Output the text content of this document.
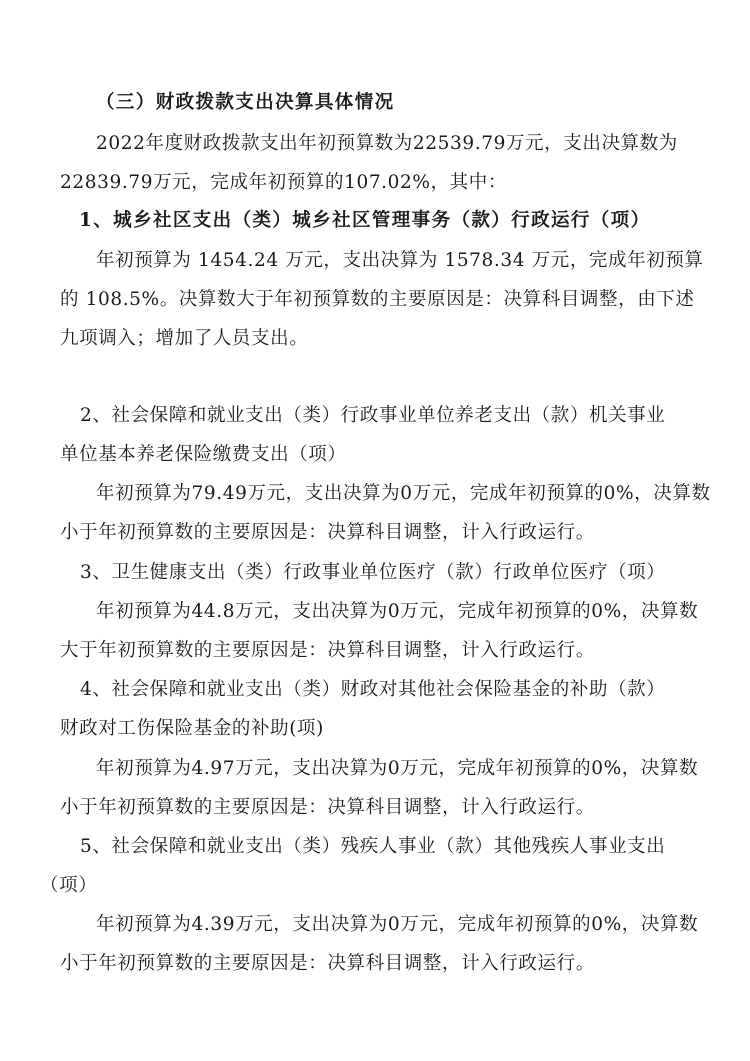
（三）财政拨款支出决算具体情况
2022年度财政拨款支出年初预算数为22539.79万元，支出决算数为
22839.79万元，完成年初预算的107.02%，其中：
1、城乡社区支出（类）城乡社区管理事务（款）行政运行（项）
年初预算为 1454.24 万元，支出决算为 1578.34 万元，完成年初预算
的 108.5%。决算数大于年初预算数的主要原因是：决算科目调整，由下述
九项调入；增加了人员支出。
2、社会保障和就业支出（类）行政事业单位养老支出（款）机关事业
单位基本养老保险缴费支出（项）
年初预算为79.49万元，支出决算为0万元，完成年初预算的0%，决算数
小于年初预算数的主要原因是：决算科目调整，计入行政运行。
3、卫生健康支出（类）行政事业单位医疗（款）行政单位医疗（项）
年初预算为44.8万元，支出决算为0万元，完成年初预算的0%，决算数
大于年初预算数的主要原因是：决算科目调整，计入行政运行。
4、社会保障和就业支出（类）财政对其他社会保险基金的补助（款）
财政对工伤保险基金的补助(项)
年初预算为4.97万元，支出决算为0万元，完成年初预算的0%，决算数
小于年初预算数的主要原因是：决算科目调整，计入行政运行。
5、社会保障和就业支出（类）残疾人事业（款）其他残疾人事业支出
（项）
年初预算为4.39万元，支出决算为0万元，完成年初预算的0%，决算数
小于年初预算数的主要原因是：决算科目调整，计入行政运行。
